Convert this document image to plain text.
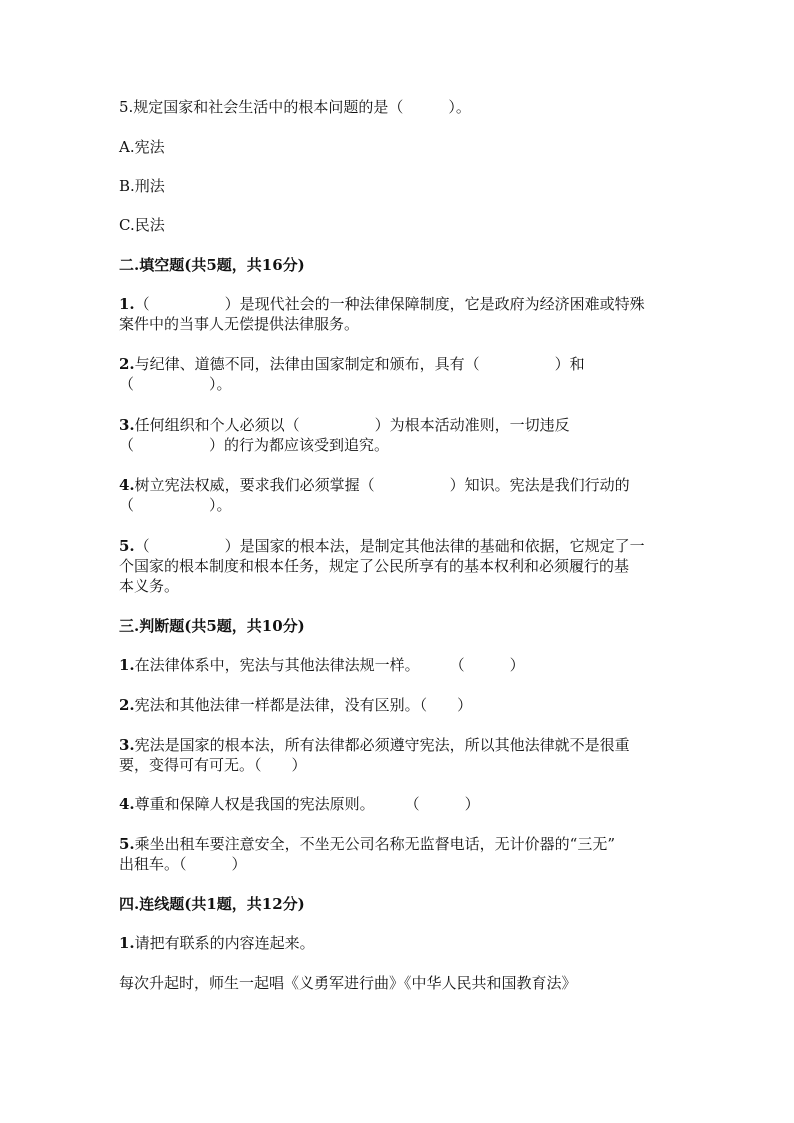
5.规定国家和社会生活中的根本问题的是（　　　）。
A.宪法
B.刑法
C.民法
二.填空题(共5题，共16分)
1.（　　　　　）是现代社会的一种法律保障制度，它是政府为经济困难或特殊
案件中的当事人无偿提供法律服务。
2.与纪律、道德不同，法律由国家制定和颁布，具有（　　　　　）和
（　　　　　）。
3.任何组织和个人必须以（　　　　　）为根本活动准则，一切违反
（　　　　　）的行为都应该受到追究。
4.树立宪法权威，要求我们必须掌握（　　　　　）知识。宪法是我们行动的
（　　　　　）。
5.（　　　　　）是国家的根本法，是制定其他法律的基础和依据，它规定了一
个国家的根本制度和根本任务，规定了公民所享有的基本权利和必须履行的基
本义务。
三.判断题(共5题，共10分)
1.在法律体系中，宪法与其他法律法规一样。　　　（　　　）
2.宪法和其他法律一样都是法律，没有区别。（　　）
3.宪法是国家的根本法，所有法律都必须遵守宪法，所以其他法律就不是很重
要，变得可有可无。（　　）
4.尊重和保障人权是我国的宪法原则。　　　（　　　）
5.乘坐出租车要注意安全，不坐无公司名称无监督电话，无计价器的“三无”
出租车。（　　　）
四.连线题(共1题，共12分)
1.请把有联系的内容连起来。
每次升起时，师生一起唱《义勇军进行曲》《中华人民共和国教育法》
